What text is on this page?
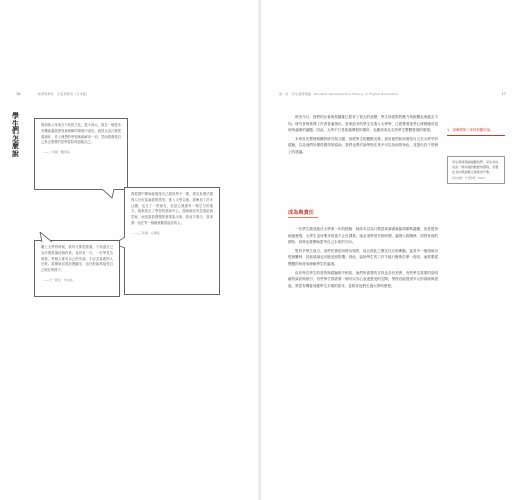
16	教育與研究　全集與研究（日本篇）
學生們怎麼說

我和我父母來自不同的文化，從小到大，我在一個從未有機會讓我感到被理解的環境中成長。我曾以為只要把書讀好、考上理想的學校就能解決一切，然而我發現自己真正需要的是學習如何認識自己。

——二年級・數學系

我從國中開始就覺得自己跟同學不一樣，我沒有辦法跟別人好好談論我的感受。進入大學以後，我參加了許多社團，也交了一些朋友，但是心裡總有一塊空空的地方。後來我去了學校的諮商中心，諮商師沒有急著給我答案，而是陪我慢慢把事情說出來。我這才明白，原來我一直在等一個願意聽我說話的人。

——三年級・心理系

剛上大學的時候，我每天都很焦慮，不知道自己為什麼要讀這個科系。直到有一天，一位學長告訴我，每個人都有自己的步調，不必急著跟別人比較。我開始試著放慢腳步，也比較能夠接受自己現在的樣子。

——大一新生・外文系
第一章　學生發展理論　Student Development Theory in Higher Education	17

時至今日，我們的社會與校園都已經有了很大的改變，學生所面對的壓力與挑戰也與過去不同。研究者與實務工作者普遍指出，愈來愈多的學生在進入大學時，已經帶著某些心理困擾或是尚待處理的議題。因此，大學不只是知識傳授的場所，也應該成為支持學生整體發展的環境。

本章首先整理相關的研究與文獻，再從學生的觀點出發，探討他們如何看待自己在大學中的經驗，以及他們所期待獲得的協助。我們也將討論學校在其中可以扮演的角色，並提出若干實務上的建議。

成為與責任

一位學生描述她在大學第一年的經驗：她原本以為只要認真讀書就能夠順利適應，但是很快地她發現，大學生活所要求的遠不止於課業。她必須學習安排時間、處理人際關係、面對家庭的期待，同時也要開始思考自己未來的方向。

對許多學生而言，這些任務是同時出現的，而且彼此之間往往互相牽動。當其中一個領域出現困難時，其他領域也可能受到影響。因此，協助學生的工作不能只聚焦於單一面向，而需要從整體的角度來理解學生的處境。

由於每位學生的背景與經驗都不相同，他們所需要的支持也各有差異。有些學生需要的是明確的資訊與指引，有些學生則需要一個可以安心表達感受的空間。學校若能提供多元的資源與管道，將更有機會回應學生多樣的需求，並陪伴他們走過大學的歷程。

1　請參閱第三章的相關討論。

學生發展理論提醒我們，學生的成長是一個持續而動態的歷程，需要在支持與挑戰之間取得平衡。

資料來源：作者整理（2020）
